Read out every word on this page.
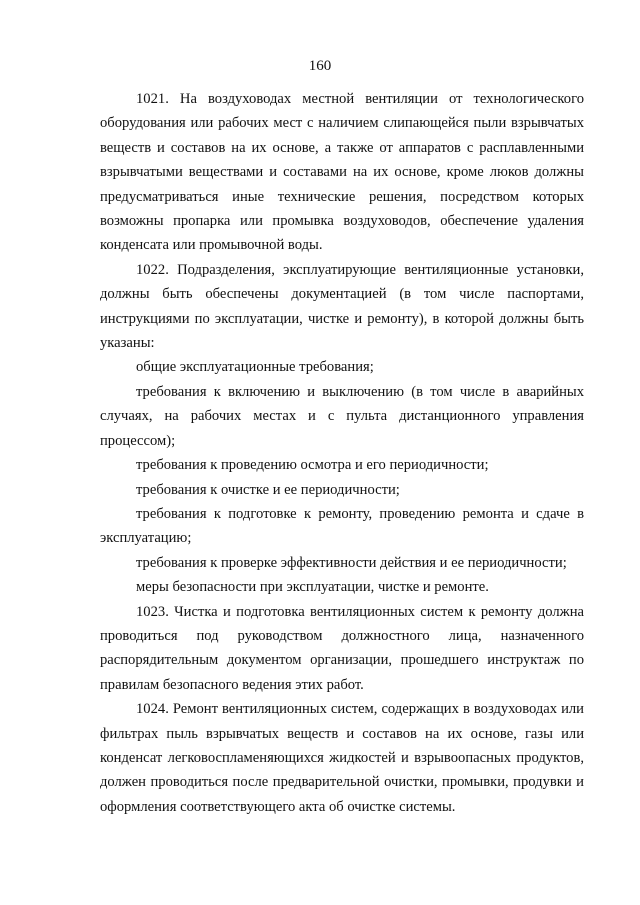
160

1021. На воздуховодах местной вентиляции от технологического оборудования или рабочих мест с наличием слипающейся пыли взрывчатых веществ и составов на их основе, а также от аппаратов с расплавленными взрывчатыми веществами и составами на их основе, кроме люков должны предусматриваться иные технические решения, посредством которых возможны пропарка или промывка воздуховодов, обеспечение удаления конденсата или промывочной воды.

1022. Подразделения, эксплуатирующие вентиляционные установки, должны быть обеспечены документацией (в том числе паспортами, инструкциями по эксплуатации, чистке и ремонту), в которой должны быть указаны:

общие эксплуатационные требования;

требования к включению и выключению (в том числе в аварийных случаях, на рабочих местах и с пульта дистанционного управления процессом);

требования к проведению осмотра и его периодичности;

требования к очистке и ее периодичности;

требования к подготовке к ремонту, проведению ремонта и сдаче в эксплуатацию;

требования к проверке эффективности действия и ее периодичности;

меры безопасности при эксплуатации, чистке и ремонте.

1023. Чистка и подготовка вентиляционных систем к ремонту должна проводиться под руководством должностного лица, назначенного распорядительным документом организации, прошедшего инструктаж по правилам безопасного ведения этих работ.

1024. Ремонт вентиляционных систем, содержащих в воздуховодах или фильтрах пыль взрывчатых веществ и составов на их основе, газы или конденсат легковоспламеняющихся жидкостей и взрывоопасных продуктов, должен проводиться после предварительной очистки, промывки, продувки и оформления соответствующего акта об очистке системы.
